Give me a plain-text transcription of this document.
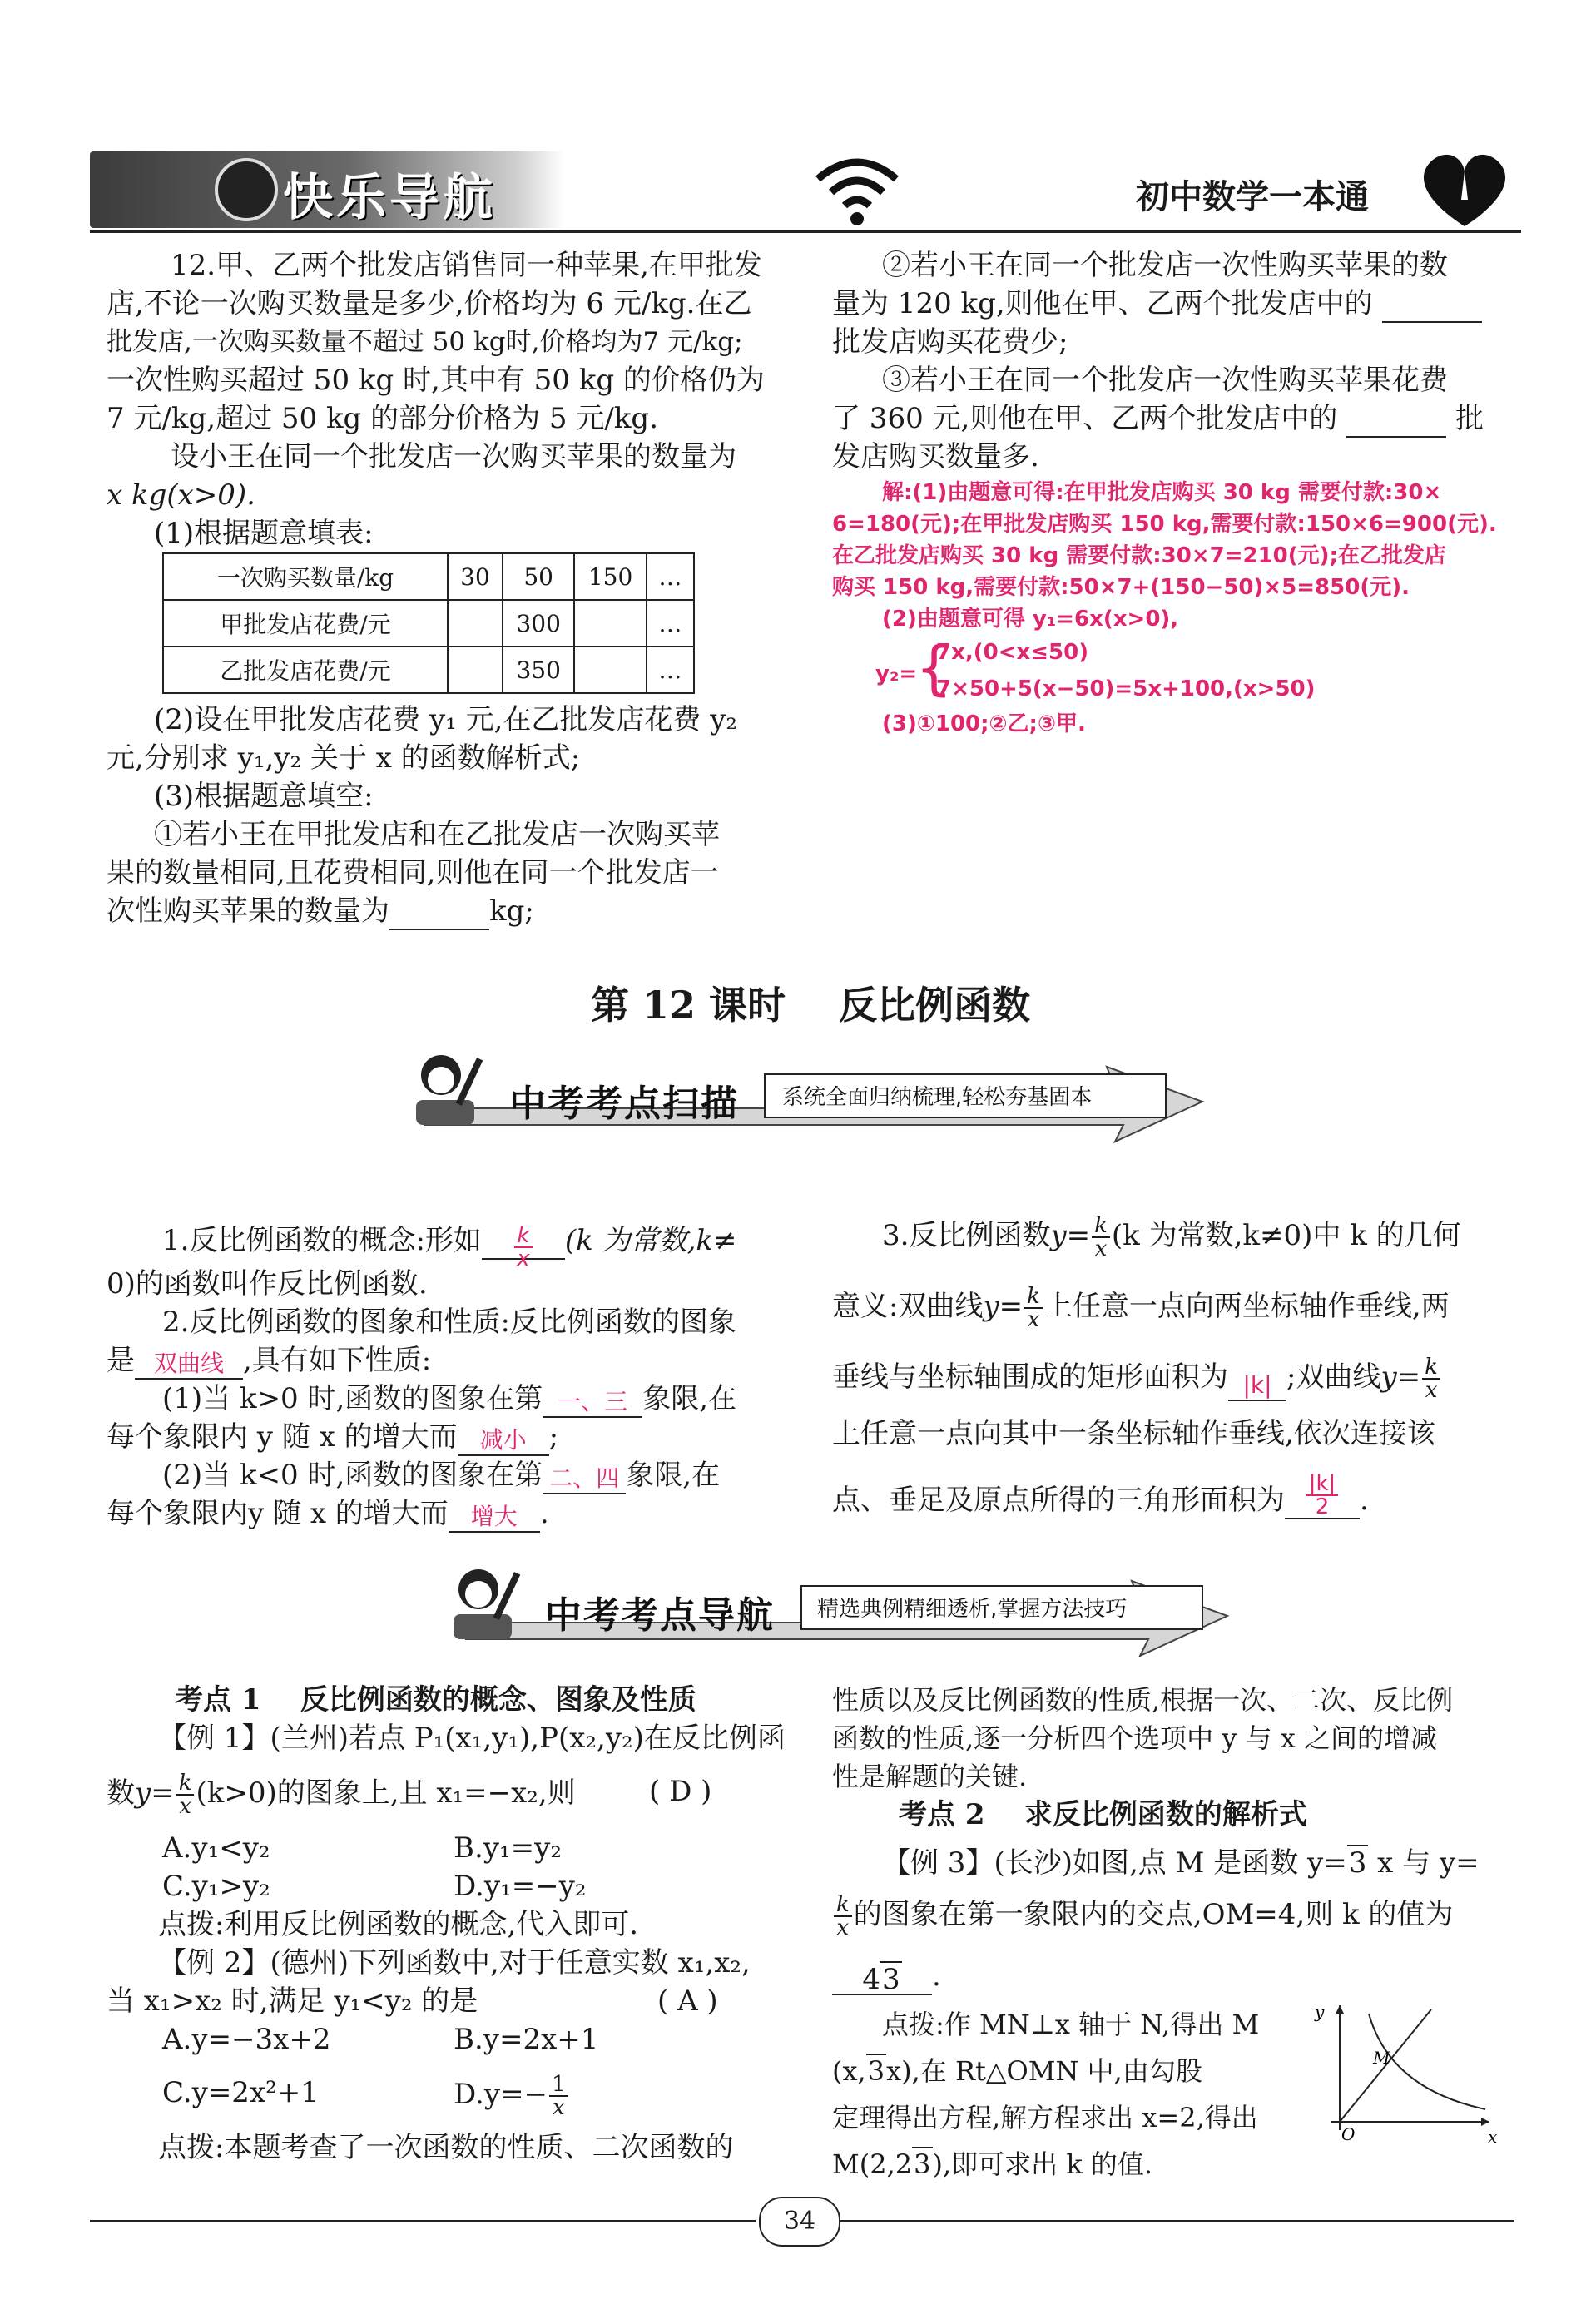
快乐导航	初中数学一本通
12.甲、乙两个批发店销售同一种苹果,在甲批发
店,不论一次购买数量是多少,价格均为 6 元/kg.在乙
批发店,一次购买数量不超过 50 kg时,价格均为7 元/kg;
一次性购买超过 50 kg 时,其中有 50 kg 的价格仍为
7 元/kg,超过 50 kg 的部分价格为 5 元/kg.
设小王在同一个批发店一次购买苹果的数量为
x kg(x>0).
(1)根据题意填表:
一次购买数量/kg	30	50	150	…
甲批发店花费/元		300		…
乙批发店花费/元		350		…
(2)设在甲批发店花费 y₁ 元,在乙批发店花费 y₂
元,分别求 y₁,y₂ 关于 x 的函数解析式;
(3)根据题意填空:
①若小王在甲批发店和在乙批发店一次购买苹
果的数量相同,且花费相同,则他在同一个批发店一
次性购买苹果的数量为	kg;
②若小王在同一个批发店一次性购买苹果的数
量为 120 kg,则他在甲、乙两个批发店中的
批发店购买花费少;
③若小王在同一个批发店一次性购买苹果花费
了 360 元,则他在甲、乙两个批发店中的	批
发店购买数量多.
解:(1)由题意可得:在甲批发店购买 30 kg 需要付款:30×
6=180(元);在甲批发店购买 150 kg,需要付款:150×6=900(元).
在乙批发店购买 30 kg 需要付款:30×7=210(元);在乙批发店
购买 150 kg,需要付款:50×7+(150−50)×5=850(元).
(2)由题意可得 y₁=6x(x>0),
y₂=
{
7x,(0<x≤50)
7×50+5(x−50)=5x+100,(x>50)
(3)①100;②乙;③甲.
第 12 课时    反比例函数
中考考点扫描 系统全面归纳梳理,轻松夯基固本
1.反比例函数的概念:形如 $\frac{k}{x} (k$ 为常数,k≠
0)的函数叫作反比例函数.
2.反比例函数的图象和性质:反比例函数的图象
是 双曲线 ,具有如下性质:
(1)当 k>0 时,函数的图象在第 一、三 象限,在
每个象限内 y 随 x 的增大而 减小 ;
(2)当 k<0 时,函数的图象在第 二、四 象限,在
每个象限内y 随 x 的增大而 增大 .
3.反比例函数$y= \frac{k}{x} (k$ 为常数,k≠0)中 k 的几何
意义:双曲线$y= \frac{k}{x}$ 上任意一点向两坐标轴作垂线,两
垂线与坐标轴围成的矩形面积为 |k| ;双曲线$y= \frac{k}{x}$
上任意一点向其中一条坐标轴作垂线,依次连接该
点、垂足及原点所得的三角形面积为 $\frac{|k|}{2}$ .
中考考点导航 精选典例精细透析,掌握方法技巧
考点 1    反比例函数的概念、图象及性质
【例 1】(兰州)若点 P₁(x₁,y₁),P(x₂,y₂)在反比例函
数$y= \frac{k}{x} (k>0)$的图象上,且 x₁=−x₂,则	( D )
A.y₁<y₂	B.y₁=y₂
C.y₁>y₂	D.y₁=−y₂
点拨:利用反比例函数的概念,代入即可.
【例 2】(德州)下列函数中,对于任意实数 x₁,x₂,
当 x₁>x₂ 时,满足 y₁<y₂ 的是	( A )
A.y=−3x+2	B.y=2x+1
C.y=2x²+1	$D.y=- \frac{1}{x}$
点拨:本题考查了一次函数的性质、二次函数的
性质以及反比例函数的性质,根据一次、二次、反比例
函数的性质,逐一分析四个选项中 y 与 x 之间的增减
性是解题的关键.
考点 2    求反比例函数的解析式
【例 3】(长沙)如图,点 M 是函数 y=3 x 与 y=
$\frac{k}{x}$ 的图象在第一象限内的交点,OM=4,则 k 的值为
43 .
点拨:作 MN⊥x 轴于 N,得出 M
(x,3x),在 Rt△OMN 中,由勾股
定理得出方程,解方程求出 x=2,得出
M(2,23),即可求出 k 的值.
y
x
O
M
34
